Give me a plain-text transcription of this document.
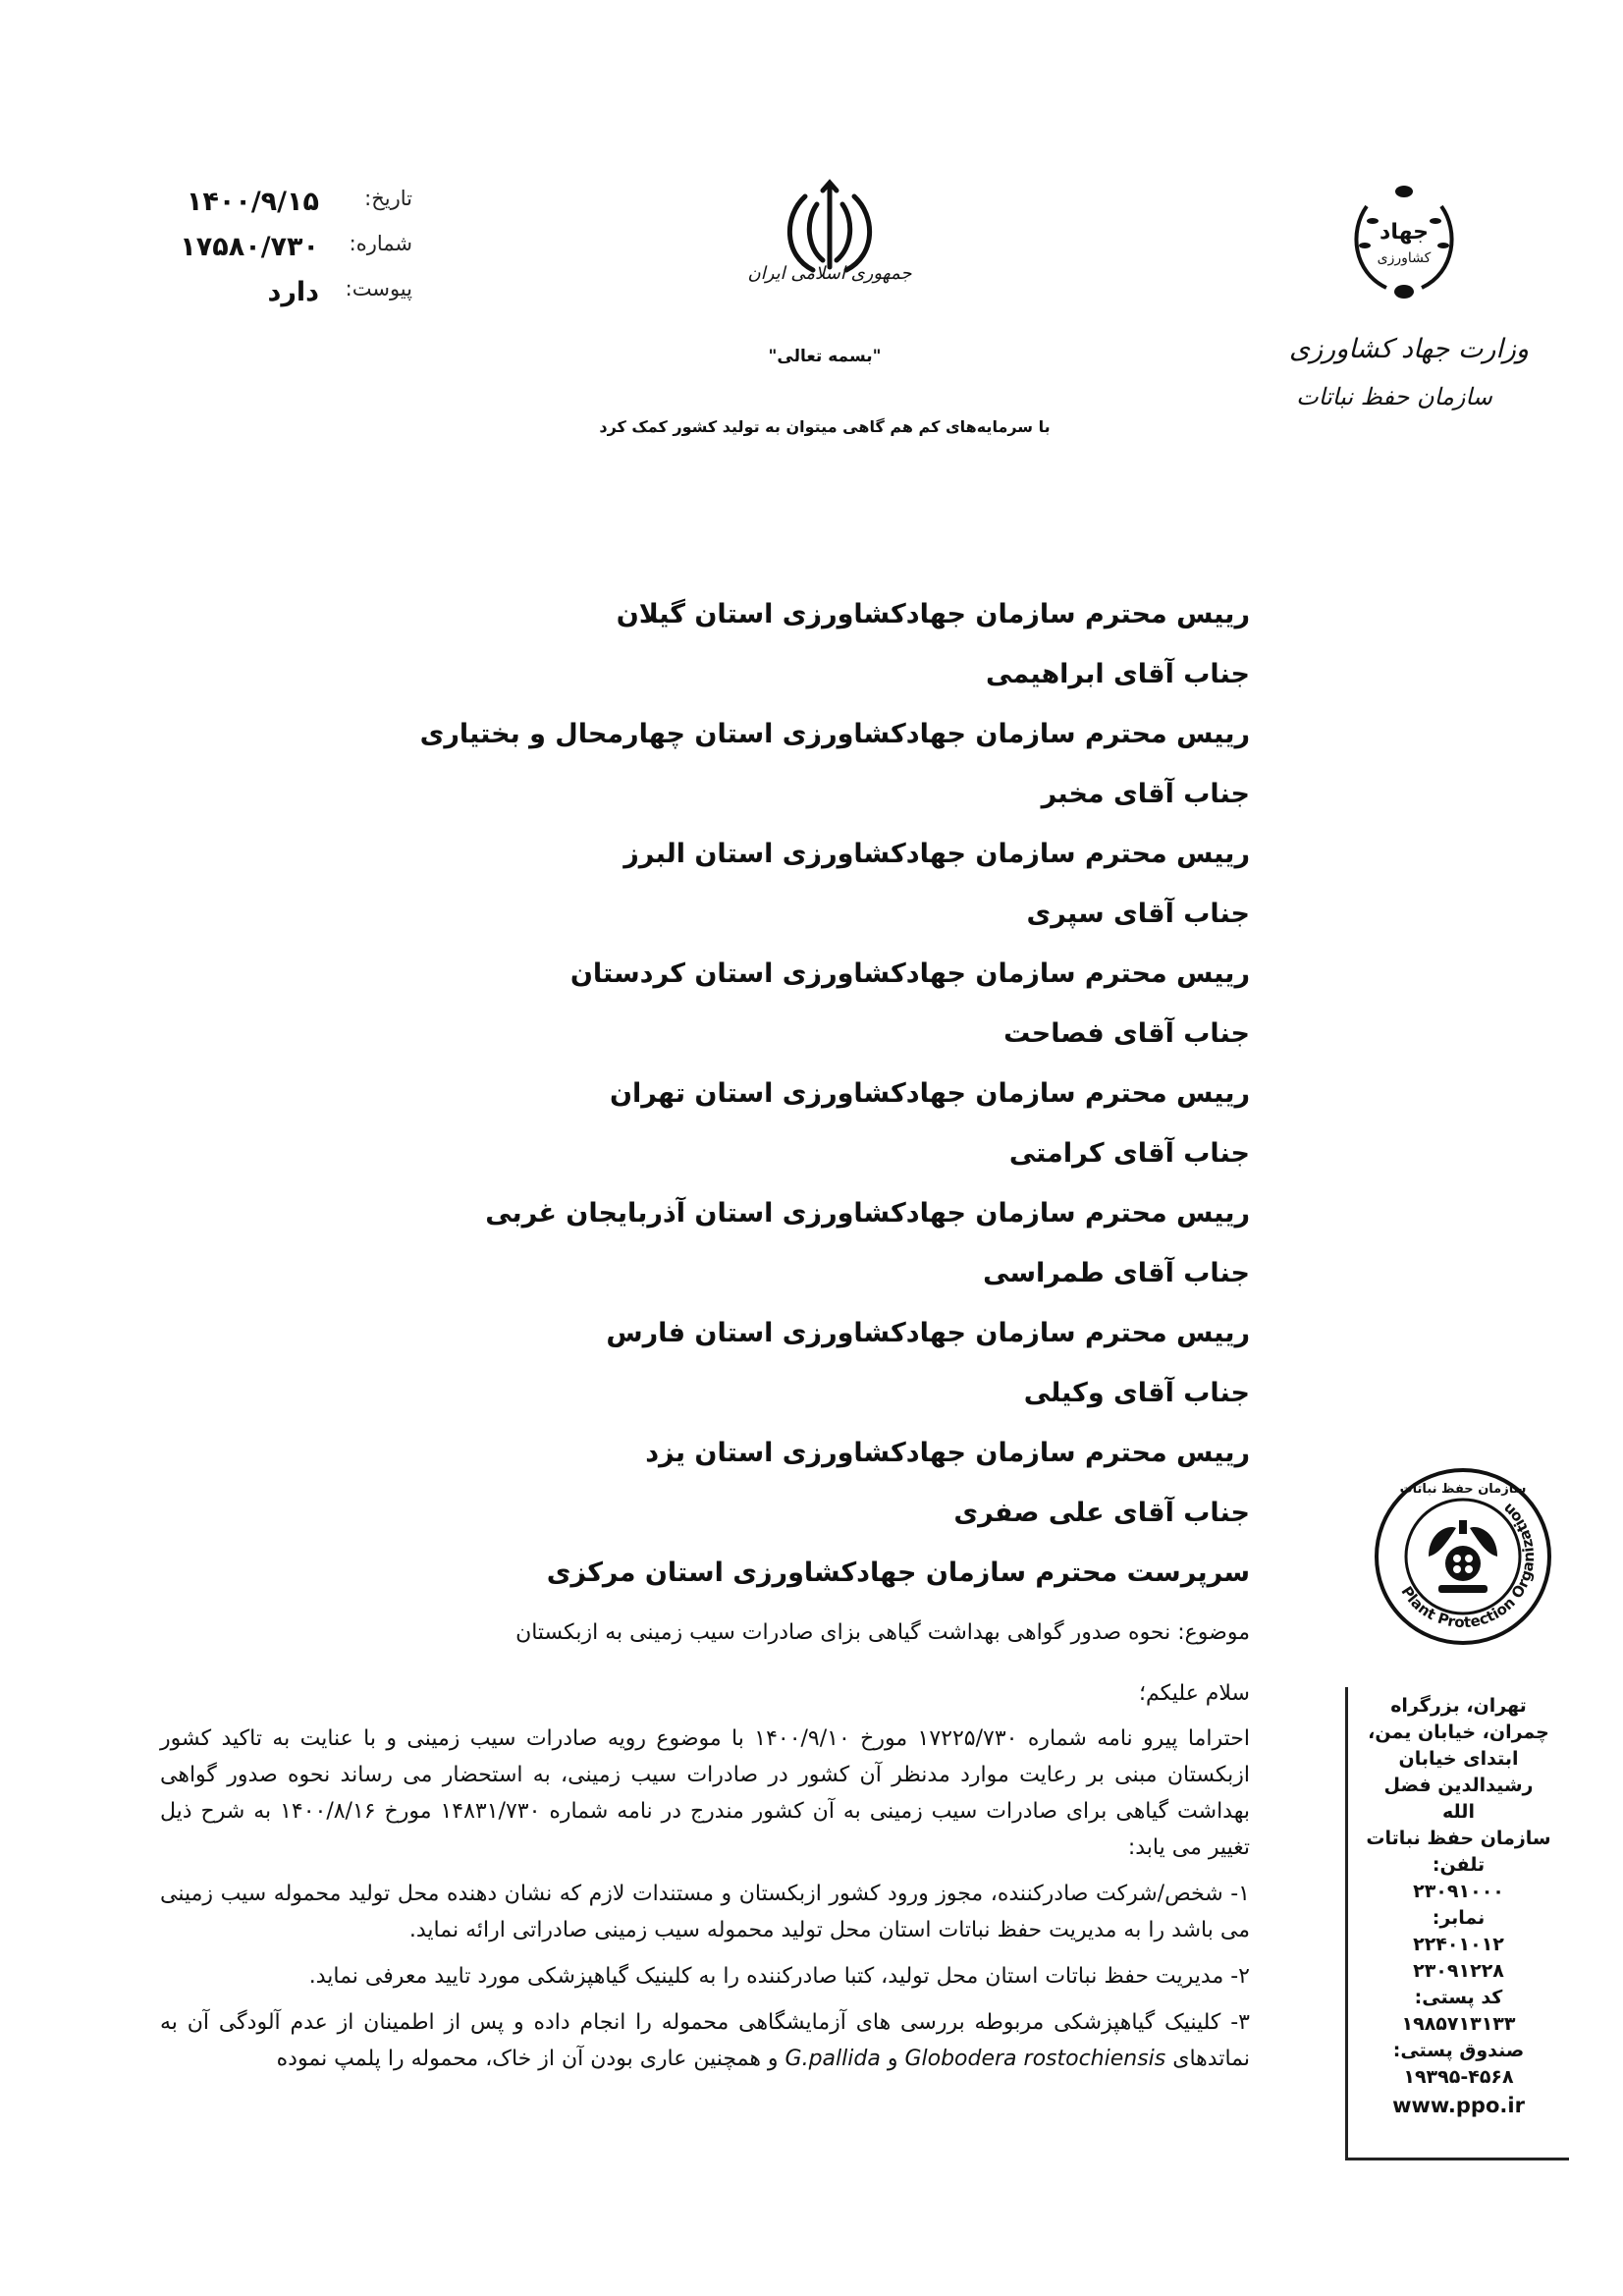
تاریخ:
۱۴۰۰/۹/۱۵
شماره:
۱۷۵۸۰/۷۳۰
پیوست:
دارد
جمهوری اسلامی ایران
"بسمه تعالی"
با سرمایه‌های کم هم گاهی میتوان به تولید کشور کمک کرد
جهاد
کشاورزی
وزارت جهاد کشاورزی
سازمان حفظ نباتات
رییس محترم سازمان جهادکشاورزی استان گیلان
جناب آقای ابراهیمی
رییس محترم سازمان جهادکشاورزی استان چهارمحال و بختیاری
جناب آقای مخبر
رییس محترم سازمان جهادکشاورزی استان البرز
جناب آقای سپری
رییس محترم سازمان جهادکشاورزی استان کردستان
جناب آقای فصاحت
رییس محترم سازمان جهادکشاورزی استان تهران
جناب آقای کرامتی
رییس محترم سازمان جهادکشاورزی استان آذربایجان غربی
جناب آقای طمراسی
رییس محترم سازمان جهادکشاورزی استان فارس
جناب آقای وکیلی
رییس محترم سازمان جهادکشاورزی استان یزد
جناب آقای علی صفری
سرپرست محترم سازمان جهادکشاورزی استان مرکزی
موضوع: نحوه صدور گواهی بهداشت گیاهی بزای صادرات سیب زمینی به ازبکستان
سلام علیکم؛

احتراما پیرو نامه شماره ۱۷۲۲۵/۷۳۰ مورخ ۱۴۰۰/۹/۱۰ با موضوع رویه صادرات سیب زمینی و با عنایت به تاکید کشور ازبکستان مبنی بر رعایت موارد مدنظر آن کشور در صادرات سیب زمینی، به استحضار می رساند نحوه صدور گواهی بهداشت گیاهی برای صادرات سیب زمینی به آن کشور مندرج در نامه شماره ۱۴۸۳۱/۷۳۰ مورخ ۱۴۰۰/۸/۱۶ به شرح ذیل تغییر می یابد:

۱- شخص/شرکت صادرکننده، مجوز ورود کشور ازبکستان و مستندات لازم که نشان دهنده محل تولید محموله سیب زمینی می باشد را به مدیریت حفظ نباتات استان محل تولید محموله سیب زمینی صادراتی ارائه نماید.

۲- مدیریت حفظ نباتات استان محل تولید، کتبا صادرکننده را به کلینیک گیاهپزشکی مورد تایید معرفی نماید.

۳- کلینیک گیاهپزشکی مربوطه بررسی های آزمایشگاهی محموله را انجام داده و پس از اطمینان از عدم آلودگی آن به نماتدهای Globodera rostochiensis و G.pallida و همچنین عاری بودن آن از خاک، محموله را پلمپ نموده

Plant Protection Organization
سازمان حفظ نباتات
تهران، بزرگراه
چمران، خیابان یمن،
ابتدای خیابان
رشیدالدین فضل
الله
سازمان حفظ نباتات
تلفن:
۲۳۰۹۱۰۰۰
نمابر:
۲۲۴۰۱۰۱۲
۲۳۰۹۱۲۲۸
کد پستی:
۱۹۸۵۷۱۳۱۳۳
صندوق پستی:
۱۹۳۹۵-۴۵۶۸
www.ppo.ir
